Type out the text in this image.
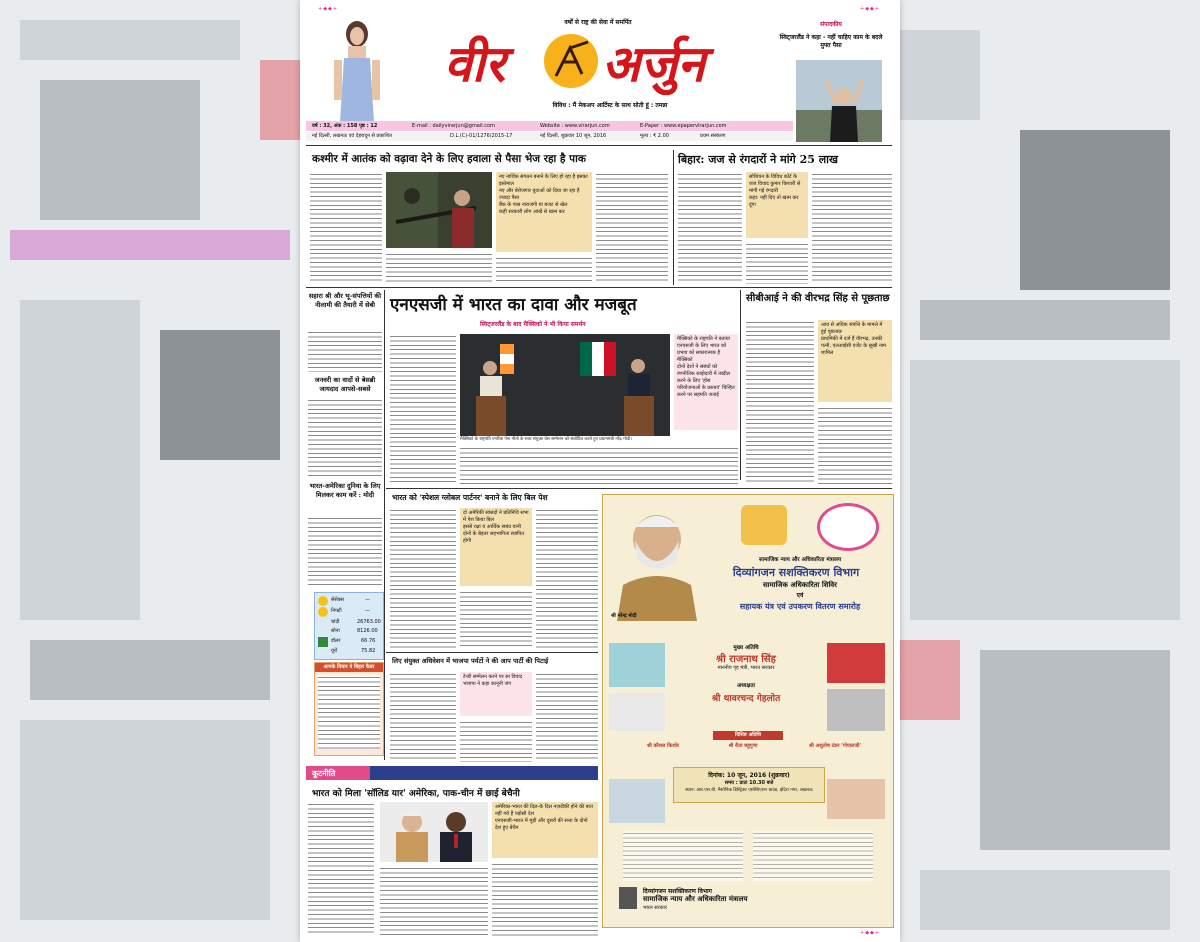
+◆◆+	+◆◆+
+◆◆+
वर्षों से राष्ट्र की सेवा में समर्पित
वीर अर्जुन
विविध : मैं मेकअप आर्टिस्ट के साथ सोती हूं : तमन्ना
संपादकीय
स्विट्जरलैंड ने कहा - नहीं चाहिए काम के बदले मुफ्त पैसा
वर्ष : 32, अंक : 158 पृष्ठ : 12	E-mail : dailyvirarjun@gmail.com	Website : www.virarjun.com	E-Paper : www.epapervirarjun.com
नई दिल्ली, लखनऊ एवं देहरादून से प्रकाशित	D.L.(C)-01/1276/2015-17	नई दिल्ली, शुक्रवार 10 जून, 2016	मूल्य : ₹ 2.00	प्रथम संस्करण
कश्मीर में आतंक को वढ़ावा देने के लिए हवाला से पैसा भेज रहा है पाक
नए नार्थिक संगठन बनाने के लिए हो रहा है इसका इस्तेमाल
नए और बेरोजगार युवाओं को दिया जा रहा है ज्यादा पैसा
बैंक के पास नाराजगी या बजट से खेल
कहीं सरकारी लोग आंखें से खत्म कर
बिहार: जज से रंगदारों ने मांगे 25 लाख
सोशियन के विविध कोर्ट के जज विवाद कुमार किशारी से मांगी गई रंगदारी
कहा: नहीं दिए तो खत्म कर दूंगा
सहारा श्री और भू-संपत्तियों की नीलामी की तैयारी में सेबी
जनवरी का वादों से बेसब्री जायदाद आपसे-सबसे
भारत-अमेरिका दुनिया के लिए मिलकर काम करें : मोदी
सेंसेक्स	—
निफ्टी	—
चांदी	26763.00
सोना	8126.00
डॉलर	66.76
यूरो	75.82
आपके विचार ये बिहार कैडर
एनएसजी में भारत का दावा और मजबूत
स्विट्जरलैंड के बाद मैक्सिको ने भी किया समर्थन
मैक्सिको के राष्ट्रपति एनरिक पेना नीतो के साथ संयुक्त प्रेस सम्मेलन को संबोधित करते हुए प्रधानमंत्री नरेंद्र मोदी।
मैक्सिको के राष्ट्रपति ने बताया एनएसजी के लिए भारत को प्रभाव को सकारात्मक है मैक्सिको
दोनों देशों ने संबंधों को रणनीतिक साझेदारी में तब्दील करने के लिए 'होस परियोजनाओं के प्रस्ताव' चिन्हित करने पर सहमति जताई
सीबीआई ने की वीरभद्र सिंह से पूछताछ
आय से अधिक संपत्ति के मामले में हुई पूछताछ
प्राथमिकी में दर्ज हैं वीरभद्र, उनकी पत्नी, एलआईसी एजेंट के सूखी नाम शामिल
भारत को 'स्पेशल ग्लोबल पार्टनर' बनाने के लिए बिल पेश
दो अमेरिकी सांसदों ने प्रतिनिधि सभा में पेश किया बिल
इससे रक्षा व आर्थिक सबंध यानी दोनों के बेहतर सहभागिता स्थापित होगी
लिए संयुक्त अधिवेशन में भाजपा पर्यटों ने की आप पार्टी की पिटाई
टेन्डी सम्मेलन करने पर सा विवाद
भाजपा ने कहा कानूनी जंग
कूटनीति
भारत को मिला 'सॉलिड यार' अमेरिका, पाक-चीन में छाई बेचैनी
अमेरिका-भारत की दिल-के दिल नज़दीकी होने की बात नहीं गये हैं पड़ोसी देश
एनएसजी-भारत में मुड़ी और दूसरों की सत्ता के दोनों देश हुए बेचैन
श्री नरेन्द्र मोदी
सामाजिक न्याय और अधिकारिता मंत्रालय
दिव्यांगजन सशक्तिकरण विभाग
सामाजिक अधिकारिता शिविर
एवं
सहायक यंत्र एवं उपकरण वितरण समारोह
मुख्य अतिथि
श्री राजनाथ सिंह
माननीय गृह मंत्री, भारत सरकार
अध्यक्षता
श्री थावरचन्द गेहलोत
विशिष्ट अतिथि
श्री कौशल किशोर	श्री रीता बहुगुणा	श्री अशुतोष टंडन 'गोपालजी'
दिनांक: 10 जून, 2016 (शुक्रवार)
समय : प्रातः 10.30 बजे
स्थान: आर.एस.बी. मैसोनिक डिस्ट्रिक्ट एसोसिएशन ग्राउंड, इंदिरा नगर, लखनऊ
दिव्यांगजन सशक्तिकरण विभाग
सामाजिक न्याय और अधिकारिता मंत्रालय
भारत सरकार
